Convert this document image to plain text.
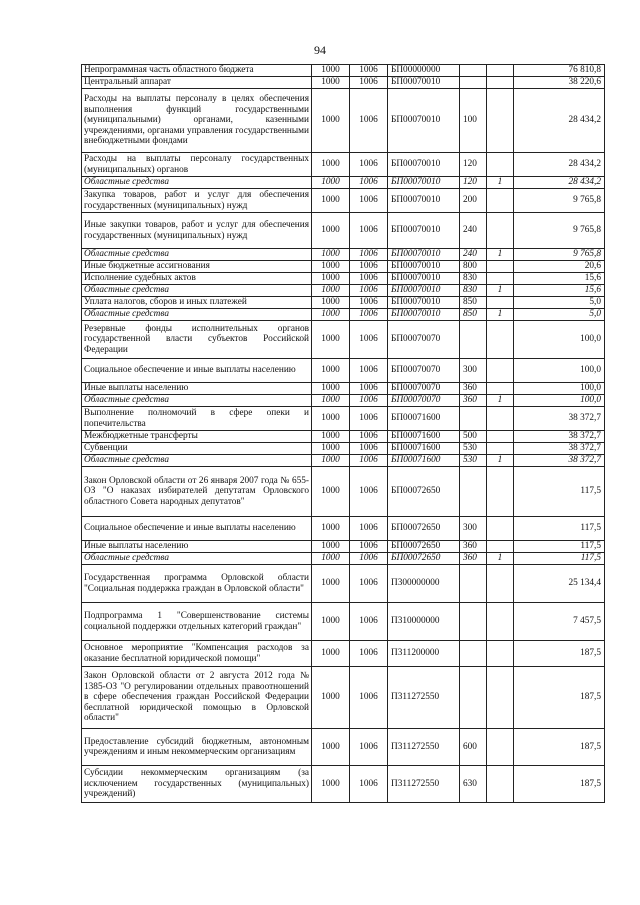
94
Непрограммная часть областного бюджета	1000	1006	БП00000000			76 810,8
Центральный аппарат	1000	1006	БП00070010			38 220,6
Расходы на выплаты персоналу в целях обеспечения выполнения функций государственными (муниципальными) органами, казенными учреждениями, органами управления государственными внебюджетными фондами	1000	1006	БП00070010	100		28 434,2
Расходы на выплаты персоналу государственных (муниципальных) органов	1000	1006	БП00070010	120		28 434,2
Областные средства	1000	1006	БП00070010	120	1	28 434,2
Закупка товаров, работ и услуг для обеспечения государственных (муниципальных) нужд	1000	1006	БП00070010	200		9 765,8
Иные закупки товаров, работ и услуг для обеспечения государственных (муниципальных) нужд	1000	1006	БП00070010	240		9 765,8
Областные средства	1000	1006	БП00070010	240	1	9 765,8
Иные бюджетные ассигнования	1000	1006	БП00070010	800		20,6
Исполнение судебных актов	1000	1006	БП00070010	830		15,6
Областные средства	1000	1006	БП00070010	830	1	15,6
Уплата налогов, сборов и иных платежей	1000	1006	БП00070010	850		5,0
Областные средства	1000	1006	БП00070010	850	1	5,0
Резервные фонды исполнительных органов государственной власти субъектов Российской Федерации	1000	1006	БП00070070			100,0
Социальное обеспечение и иные выплаты населению	1000	1006	БП00070070	300		100,0
Иные выплаты населению	1000	1006	БП00070070	360		100,0
Областные средства	1000	1006	БП00070070	360	1	100,0
Выполнение полномочий в сфере опеки и попечительства	1000	1006	БП00071600			38 372,7
Межбюджетные трансферты	1000	1006	БП00071600	500		38 372,7
Субвенции	1000	1006	БП00071600	530		38 372,7
Областные средства	1000	1006	БП00071600	530	1	38 372,7
Закон Орловской области от 26 января 2007 года № 655-ОЗ "О наказах избирателей депутатам Орловского областного Совета народных депутатов"	1000	1006	БП00072650			117,5
Социальное обеспечение и иные выплаты населению	1000	1006	БП00072650	300		117,5
Иные выплаты населению	1000	1006	БП00072650	360		117,5
Областные средства	1000	1006	БП00072650	360	1	117,5
Государственная программа Орловской области "Социальная поддержка граждан в Орловской области"	1000	1006	П300000000			25 134,4
Подпрограмма 1 "Совершенствование системы социальной поддержки отдельных категорий граждан"	1000	1006	П310000000			7 457,5
Основное мероприятие "Компенсация расходов за оказание бесплатной юридической помощи"	1000	1006	П311200000			187,5
Закон Орловской области от 2 августа 2012 года № 1385-ОЗ "О регулировании отдельных правоотношений в сфере обеспечения граждан Российской Федерации бесплатной юридической помощью в Орловской области"	1000	1006	П311272550			187,5
Предоставление субсидий бюджетным, автономным учреждениям и иным некоммерческим организациям	1000	1006	П311272550	600		187,5
Субсидии некоммерческим организациям (за исключением государственных (муниципальных) учреждений)	1000	1006	П311272550	630		187,5
